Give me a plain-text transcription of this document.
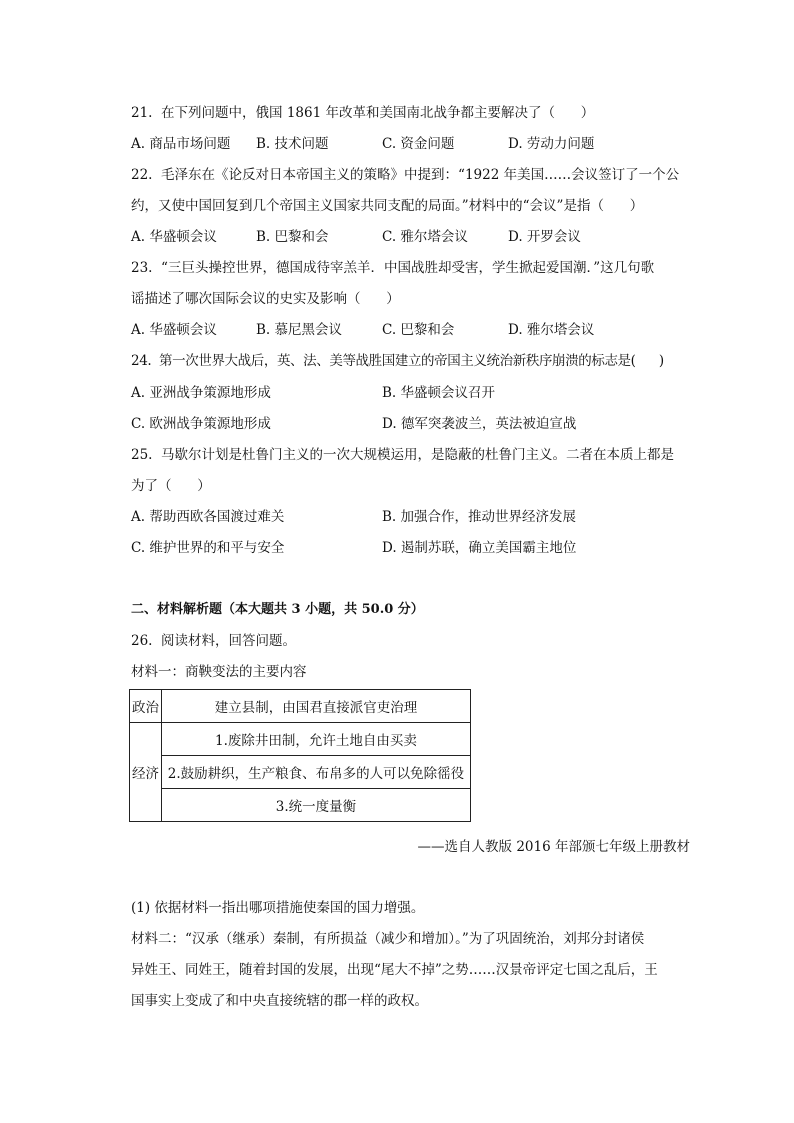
21.  在下列问题中，俄国 1861 年改革和美国南北战争都主要解决了（      ）
A. 商品市场问题 B. 技术问题	C. 资金问题	D. 劳动力问题
22.  毛泽东在《论反对日本帝国主义的策略》中提到：“1922 年美国……会议签订了一个公
约，又使中国回复到几个帝国主义国家共同支配的局面。”材料中的“会议”是指（      ）
A. 华盛顿会议	B. 巴黎和会	C. 雅尔塔会议	D. 开罗会议
23.  “三巨头操控世界，德国成待宰羔羊．中国战胜却受害，学生掀起爱国潮．”这几句歌
谣描述了哪次国际会议的史实及影响（      ）
A. 华盛顿会议	B. 慕尼黑会议	C. 巴黎和会	D. 雅尔塔会议
24.  第一次世界大战后，英、法、美等战胜国建立的帝国主义统治新秩序崩溃的标志是(      )
A. 亚洲战争策源地形成	B. 华盛顿会议召开
C. 欧洲战争策源地形成	D. 德军突袭波兰，英法被迫宣战
25.  马歇尔计划是杜鲁门主义的一次大规模运用，是隐蔽的杜鲁门主义。二者在本质上都是
为了（      ）
A. 帮助西欧各国渡过难关	B. 加强合作，推动世界经济发展
C. 维护世界的和平与安全	D. 遏制苏联，确立美国霸主地位
二、材料解析题（本大题共 3 小题，共 50.0 分）
26.  阅读材料，回答问题。
材料一：商鞅变法的主要内容
政治	建立县制，由国君直接派官吏治理
经济	1.废除井田制，允许土地自由买卖
	2.鼓励耕织，生产粮食、布帛多的人可以免除徭役
	3.统一度量衡
——选自人教版 2016 年部颁七年级上册教材
(1) 依据材料一指出哪项措施使秦国的国力增强。
材料二：“汉承（继承）秦制，有所损益（减少和增加）。”为了巩固统治，刘邦分封诸侯
异姓王、同姓王，随着封国的发展，出现“尾大不掉”之势……汉景帝评定七国之乱后，王
国事实上变成了和中央直接统辖的郡一样的政权。
